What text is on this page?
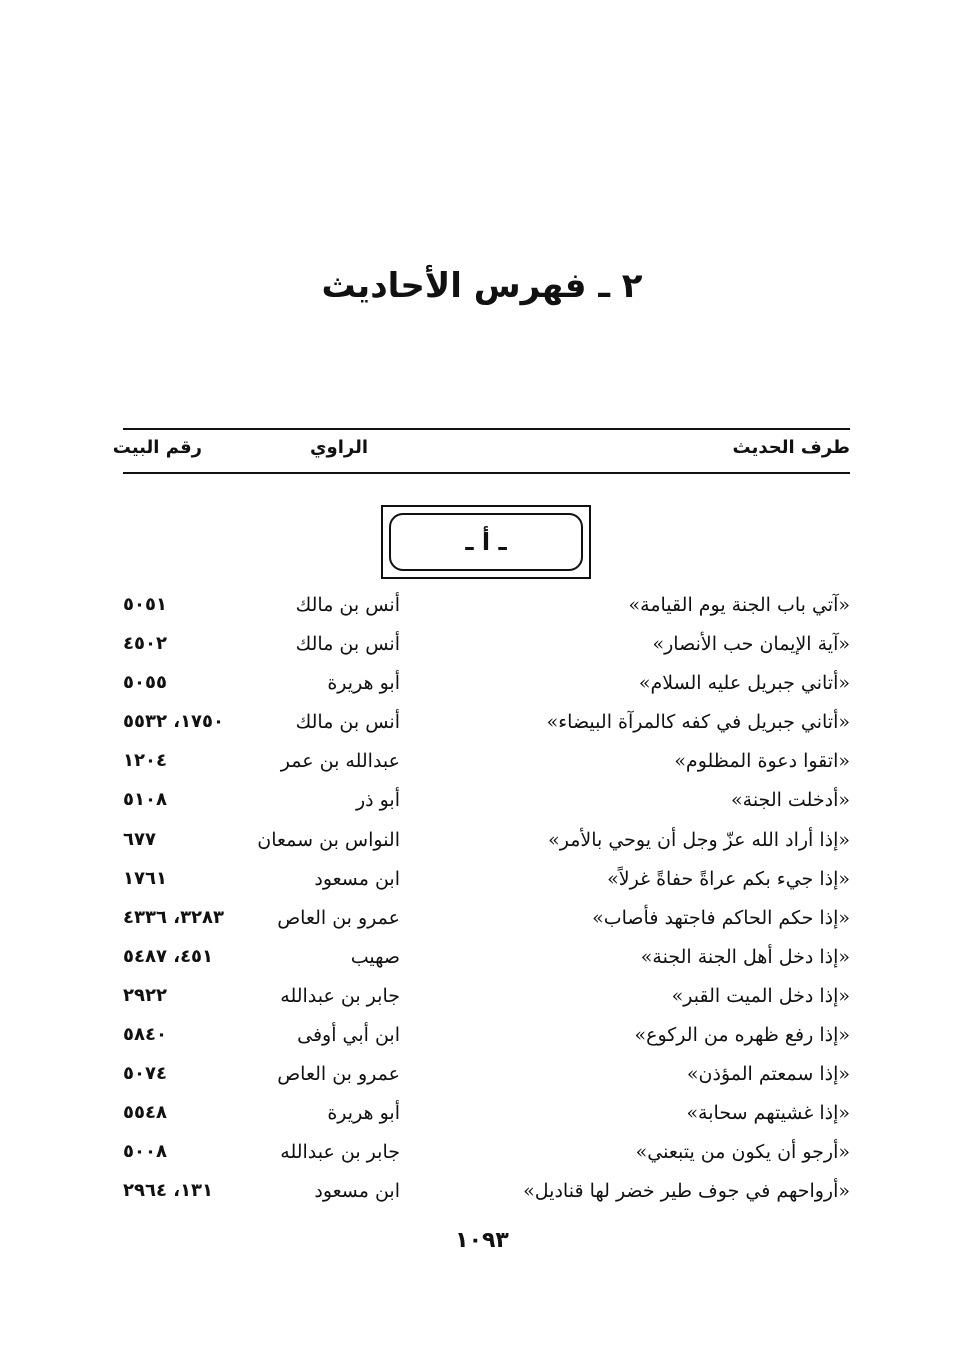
٢ ـ فهرس الأحاديث
طرف الحديث
الراوي
رقم البيت
ـ أ ـ
«آتي باب الجنة يوم القيامة»
أنس بن مالك
٥٠٥١
«آية الإيمان حب الأنصار»
أنس بن مالك
٤٥٠٢
«أتاني جبريل عليه السلام»
أبو هريرة
٥٠٥٥
«أتاني جبريل في كفه كالمرآة البيضاء»
أنس بن مالك
١٧٥٠، ٥٥٣٢
«اتقوا دعوة المظلوم»
عبدالله بن عمر
١٢٠٤
«أدخلت الجنة»
أبو ذر
٥١٠٨
«إذا أراد الله عزّ وجل أن يوحي بالأمر»
النواس بن سمعان
٦٧٧
«إذا جيء بكم عراةً حفاةً غرلاً»
ابن مسعود
١٧٦١
«إذا حكم الحاكم فاجتهد فأصاب»
عمرو بن العاص
٣٢٨٣، ٤٣٣٦
«إذا دخل أهل الجنة الجنة»
صهيب
٤٥١، ٥٤٨٧
«إذا دخل الميت القبر»
جابر بن عبدالله
٢٩٢٢
«إذا رفع ظهره من الركوع»
ابن أبي أوفى
٥٨٤٠
«إذا سمعتم المؤذن»
عمرو بن العاص
٥٠٧٤
«إذا غشيتهم سحابة»
أبو هريرة
٥٥٤٨
«أرجو أن يكون من يتبعني»
جابر بن عبدالله
٥٠٠٨
«أرواحهم في جوف طير خضر لها قناديل»
ابن مسعود
١٣١، ٢٩٦٤
١٠٩٣
